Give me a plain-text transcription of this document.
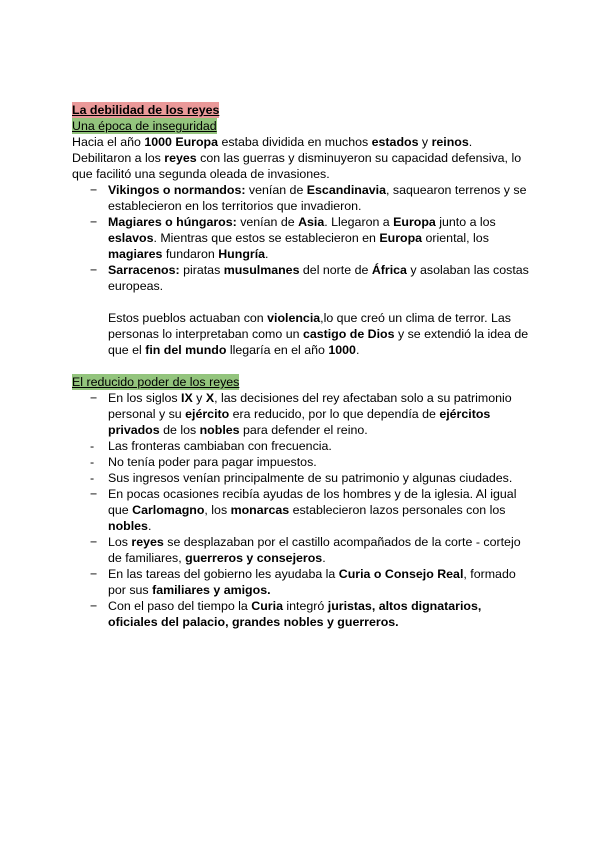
La debilidad de los reyes
Una época de inseguridad

Hacia el año 1000 Europa estaba dividida en muchos estados y reinos. Debilitaron a los reyes con las guerras y disminuyeron su capacidad defensiva, lo que facilitó una segunda oleada de invasiones.

− Vikingos o normandos: venían de Escandinavia, saquearon terrenos y se establecieron en los territorios que invadieron.
− Magiares o húngaros: venían de Asia. Llegaron a Europa junto a los eslavos. Mientras que estos se establecieron en Europa oriental, los magiares fundaron Hungría.
− Sarracenos: piratas musulmanes del norte de África y asolaban las costas europeas.

Estos pueblos actuaban con violencia,lo que creó un clima de terror. Las personas lo interpretaban como un castigo de Dios y se extendió la idea de que el fin del mundo llegaría en el año 1000.

El reducido poder de los reyes
− En los siglos IX y X, las decisiones del rey afectaban solo a su patrimonio personal y su ejército era reducido, por lo que dependía de ejércitos privados de los nobles para defender el reino.
- Las fronteras cambiaban con frecuencia.
- No tenía poder para pagar impuestos.
- Sus ingresos venían principalmente de su patrimonio y algunas ciudades.
− En pocas ocasiones recibía ayudas de los hombres y de la iglesia. Al igual que Carlomagno, los monarcas establecieron lazos personales con los nobles.
− Los reyes se desplazaban por el castillo acompañados de la corte - cortejo de familiares, guerreros y consejeros.
− En las tareas del gobierno les ayudaba la Curia o Consejo Real, formado por sus familiares y amigos.
− Con el paso del tiempo la Curia integró juristas, altos dignatarios, oficiales del palacio, grandes nobles y guerreros.
